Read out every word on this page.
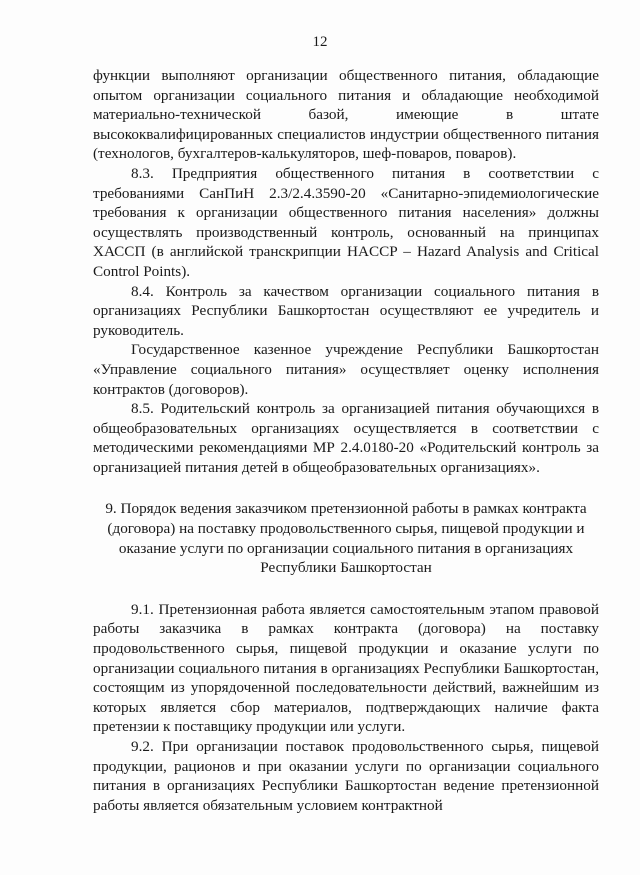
12

функции выполняют организации общественного питания, обладающие опытом организации социального питания и обладающие необходимой материально-технической базой, имеющие в штате высококвалифицированных специалистов индустрии общественного питания (технологов, бухгалтеров-калькуляторов, шеф-поваров, поваров).

8.3. Предприятия общественного питания в соответствии с требованиями СанПиН 2.3/2.4.3590-20 «Санитарно-эпидемиологические требования к организации общественного питания населения» должны осуществлять производственный контроль, основанный на принципах ХАССП (в английской транскрипции HACCP – Hazard Analysis and Critical Control Points).

8.4. Контроль за качеством организации социального питания в организациях Республики Башкортостан осуществляют ее учредитель и руководитель.

Государственное казенное учреждение Республики Башкортостан «Управление социального питания» осуществляет оценку исполнения контрактов (договоров).

8.5. Родительский контроль за организацией питания обучающихся в общеобразовательных организациях осуществляется в соответствии с методическими рекомендациями МР 2.4.0180-20 «Родительский контроль за организацией питания детей в общеобразовательных организациях».

9. Порядок ведения заказчиком претензионной работы в рамках контракта (договора) на поставку продовольственного сырья, пищевой продукции и оказание услуги по организации социального питания в организациях Республики Башкортостан

9.1. Претензионная работа является самостоятельным этапом правовой работы заказчика в рамках контракта (договора) на поставку продовольственного сырья, пищевой продукции и оказание услуги по организации социального питания в организациях Республики Башкортостан, состоящим из упорядоченной последовательности действий, важнейшим из которых является сбор материалов, подтверждающих наличие факта претензии к поставщику продукции или услуги.

9.2. При организации поставок продовольственного сырья, пищевой продукции, рационов и при оказании услуги по организации социального питания в организациях Республики Башкортостан ведение претензионной работы является обязательным условием контрактной
